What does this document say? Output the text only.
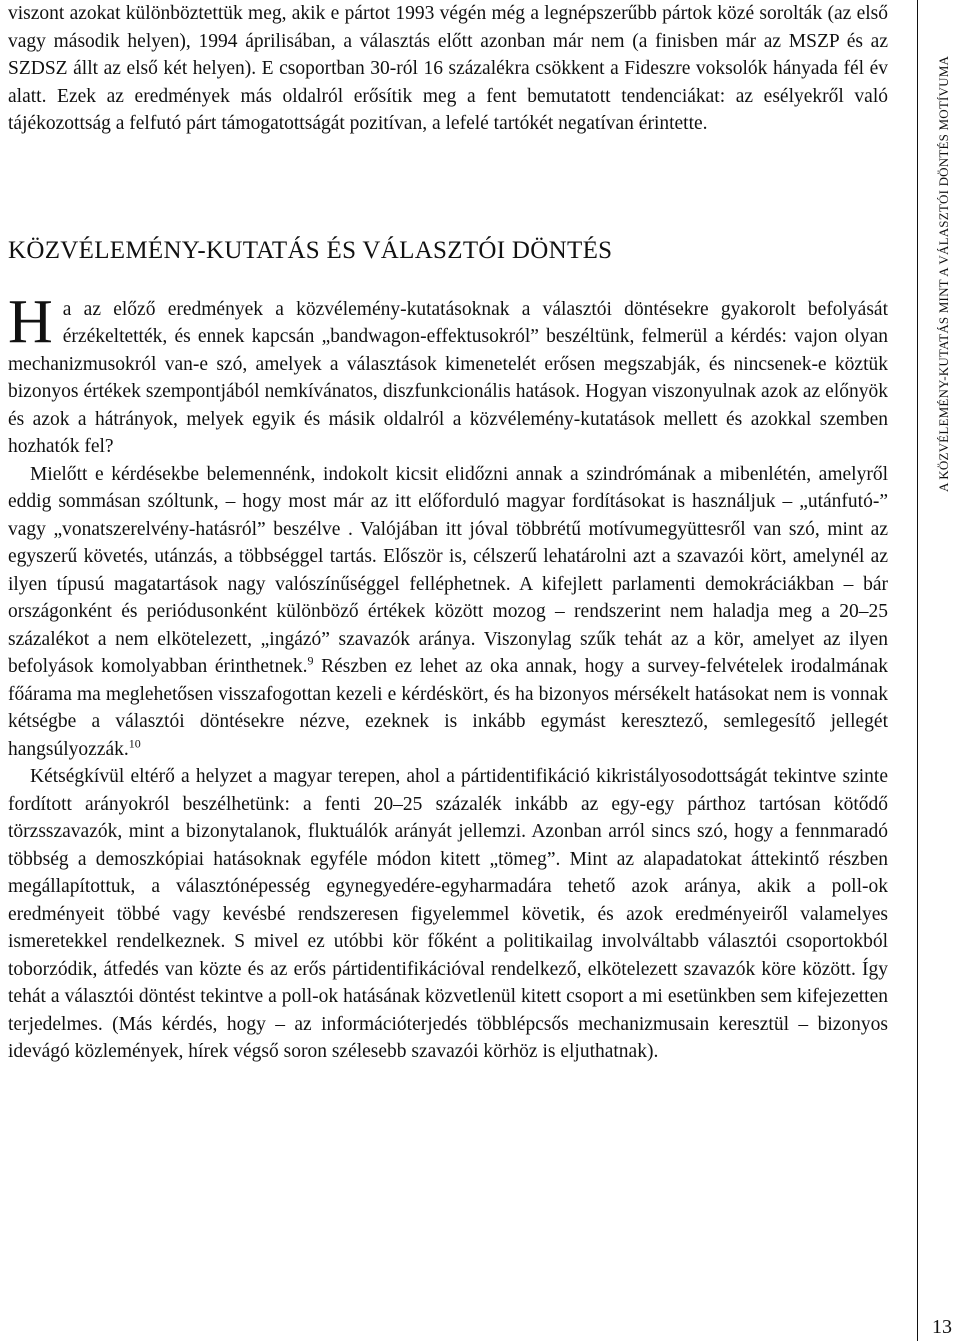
viszont azokat különböztettük meg, akik e pártot 1993 végén még a legnépszerűbb pártok közé sorolták (az első vagy második helyen), 1994 áprilisában, a választás előtt azonban már nem (a finisben már az MSZP és az SZDSZ állt az első két helyen). E csoportban 30-ról 16 százalékra csökkent a Fideszre voksolók hányada fél év alatt. Ezek az eredmények más oldalról erősítik meg a fent bemutatott tendenciákat: az esélyekről való tájékozottság a felfutó párt támogatottságát pozitívan, a lefelé tartókét negatívan érintette.

KÖZVÉLEMÉNY-KUTATÁS ÉS VÁLASZTÓI DÖNTÉS

Ha az előző eredmények a közvélemény-kutatásoknak a választói döntésekre gyakorolt befolyását érzékeltették, és ennek kapcsán „bandwagon-effektusokról” beszéltünk, felmerül a kérdés: vajon olyan mechanizmusokról van-e szó, amelyek a választások kimenetelét erősen megszabják, és nincsenek-e köztük bizonyos értékek szempontjából nemkívánatos, diszfunkcionális hatások. Hogyan viszonyulnak azok az előnyök és azok a hátrányok, melyek egyik és másik oldalról a közvélemény-kutatások mellett és azokkal szemben hozhatók fel?

Mielőtt e kérdésekbe belemennénk, indokolt kicsit elidőzni annak a szindrómának a mibenlétén, amelyről eddig sommásan szóltunk, – hogy most már az itt előforduló magyar fordításokat is használjuk – „utánfutó-” vagy „vonatszerelvény-hatásról” beszélve . Valójában itt jóval többrétű motívumegyüttesről van szó, mint az egyszerű követés, utánzás, a többséggel tartás. Először is, célszerű lehatárolni azt a szavazói kört, amelynél az ilyen típusú magatartások nagy valószínűséggel felléphetnek. A kifejlett parlamenti demokráciákban – bár országonként és periódusonként különböző értékek között mozog – rendszerint nem haladja meg a 20–25 százalékot a nem elkötelezett, „ingázó” szavazók aránya. Viszonylag szűk tehát az a kör, amelyet az ilyen befolyások komolyabban érinthetnek.$^9$ Részben ez lehet az oka annak, hogy a survey-felvételek irodalmának főárama ma meglehetősen visszafogottan kezeli e kérdéskört, és ha bizonyos mérsékelt hatásokat nem is vonnak kétségbe a választói döntésekre nézve, ezeknek is inkább egymást keresztező, semlegesítő jellegét hangsúlyozzák.$^{10}$

Kétségkívül eltérő a helyzet a magyar terepen, ahol a pártidentifikáció kikristályosodottságát tekintve szinte fordított arányokról beszélhetünk: a fenti 20–25 százalék inkább az egy-egy párthoz tartósan kötődő törzsszavazók, mint a bizonytalanok, fluktuálók arányát jellemzi. Azonban arról sincs szó, hogy a fennmaradó többség a demoszkópiai hatásoknak egyféle módon kitett „tömeg”. Mint az alapadatokat áttekintő részben megállapítottuk, a választónépesség egynegyedére-egyharmadára tehető azok aránya, akik a poll-ok eredményeit többé vagy kevésbé rendszeresen figyelemmel követik, és azok eredményeiről valamelyes ismeretekkel rendelkeznek. S mivel ez utóbbi kör főként a politikailag involváltabb választói csoportokból toborzódik, átfedés van közte és az erős pártidentifikációval rendelkező, elkötelezett szavazók köre között. Így tehát a választói döntést tekintve a poll-ok hatásának közvetlenül kitett csoport a mi esetünkben sem kifejezetten terjedelmes. (Más kérdés, hogy – az információterjedés többlépcsős mechanizmusain keresztül – bizonyos idevágó közlemények, hírek végső soron szélesebb szavazói körhöz is eljuthatnak).

A KÖZVÉLEMÉNY-KUTATÁS MINT A VÁLASZTÓI DÖNTÉS MOTÍVUMA
13
